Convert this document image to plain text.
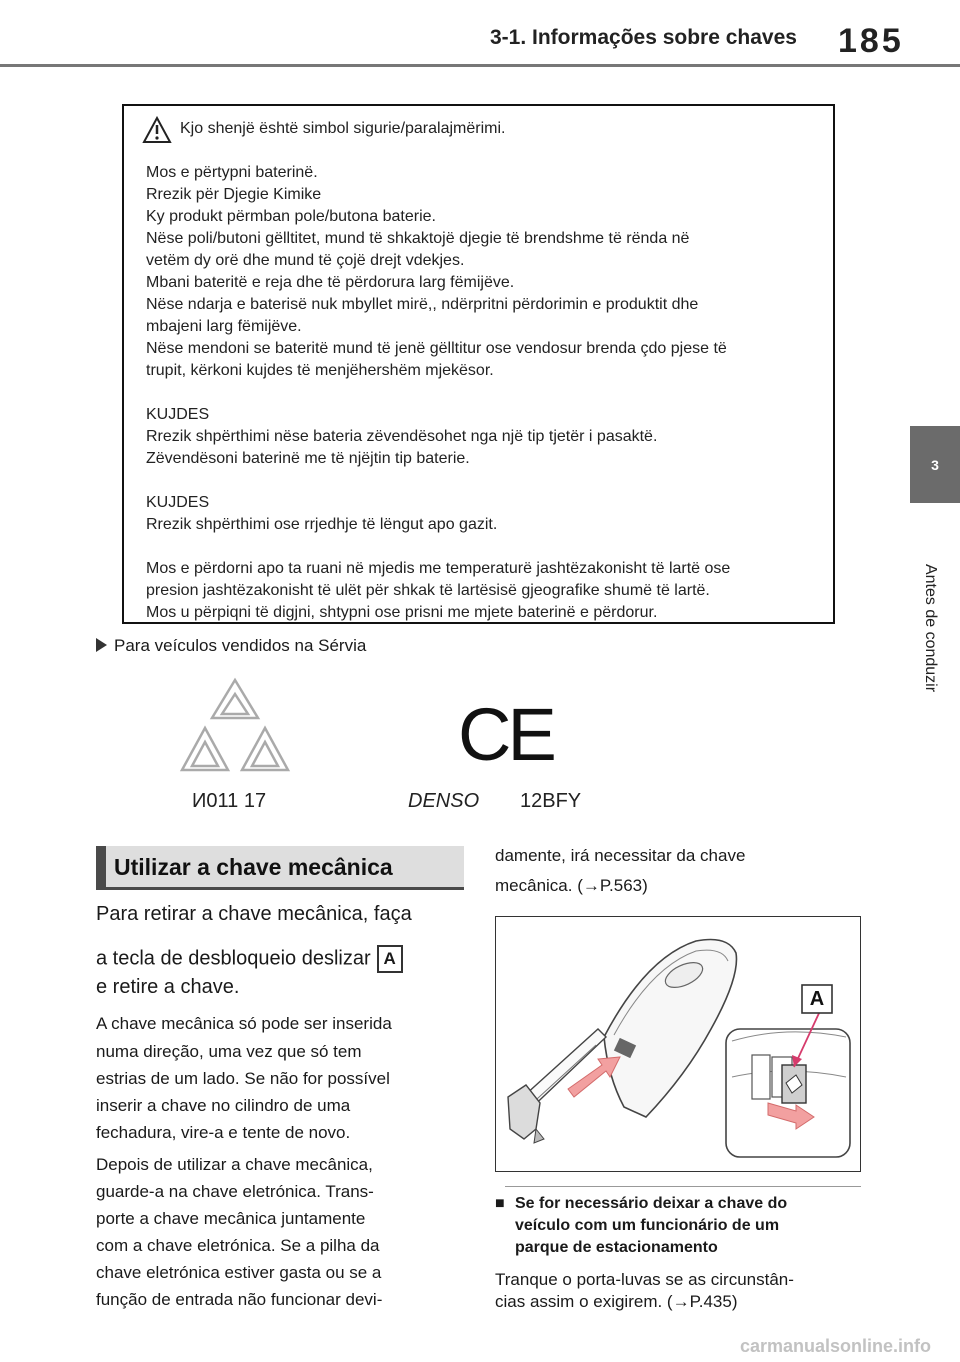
3-1. Informações sobre chaves 185
3
Antes de conduzir
Kjo shenjë është simbol sigurie/paralajmërimi.
Mos e përtypni baterinë.
Rrezik për Djegie Kimike
Ky produkt përmban pole/butona baterie.
Nëse poli/butoni gëlltitet, mund të shkaktojë djegie të brendshme të rënda në
vetëm dy orë dhe mund të çojë drejt vdekjes.
Mbani bateritë e reja dhe të përdorura larg fëmijëve.
Nëse ndarja e baterisë nuk mbyllet mirë,, ndërpritni përdorimin e produktit dhe
mbajeni larg fëmijëve.
Nëse mendoni se bateritë mund të jenë gëlltitur ose vendosur brenda çdo pjese të
trupit, kërkoni kujdes të menjëhershëm mjekësor.
KUJDES
Rrezik shpërthimi nëse bateria zëvendësohet nga një tip tjetër i pasaktë.
Zëvendësoni baterinë me të njëjtin tip baterie.
KUJDES
Rrezik shpërthimi ose rrjedhje të lëngut apo gazit.
Mos e përdorni apo ta ruani në mjedis me temperaturë jashtëzakonisht të lartë ose
presion jashtëzakonisht të ulët për shkak të lartësisë gjeografike shumë të lartë.
Mos u përpiqni të digjni, shtypni ose prisni me mjete baterinë e përdorur.
Para veículos vendidos na Sérvia
И011 17
CE
DENSO 12BFY
Utilizar a chave mecânica
Para retirar a chave mecânica, faça
a tecla de desbloqueio deslizar A
e retire a chave.
A chave mecânica só pode ser inserida
numa direção, uma vez que só tem
estrias de um lado. Se não for possível
inserir a chave no cilindro de uma
fechadura, vire-a e tente de novo.
Depois de utilizar a chave mecânica,
guarde-a na chave eletrónica. Trans-
porte a chave mecânica juntamente
com a chave eletrónica. Se a pilha da
chave eletrónica estiver gasta ou se a
função de entrada não funcionar devi-
damente, irá necessitar da chave
mecânica. (→P.563)
A
■ Se for necessário deixar a chave do
veículo com um funcionário de um
parque de estacionamento
Tranque o porta-luvas se as circunstân-
cias assim o exigirem. (→P.435)
carmanualsonline.info
